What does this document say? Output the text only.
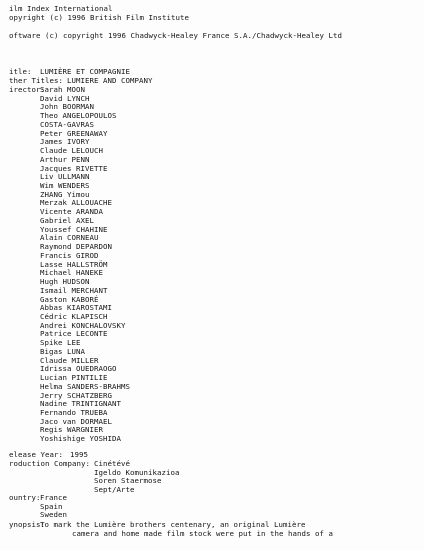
ilm Index International
opyright (c) 1996 British Film Institute
oftware (c) copyright 1996 Chadwyck-Healey France S.A./Chadwyck-Healey Ltd
itle: LUMIÈRE ET COMPAGNIE
ther Titles: LUMIERE AND COMPANY
irector:
Sarah MOON
David LYNCH
John BOORMAN
Theo ANGELOPOULOS
COSTA-GAVRAS
Peter GREENAWAY
James IVORY
Claude LELOUCH
Arthur PENN
Jacques RIVETTE
Liv ULLMANN
Wim WENDERS
ZHANG Yimou
Merzak ALLOUACHE
Vicente ARANDA
Gabriel AXEL
Youssef CHAHINE
Alain CORNEAU
Raymond DEPARDON
Francis GIROD
Lasse HALLSTRÖM
Michael HANEKE
Hugh HUDSON
Ismail MERCHANT
Gaston KABORÉ
Abbas KIAROSTAMI
Cédric KLAPISCH
Andrei KONCHALOVSKY
Patrice LECONTE
Spike LEE
Bigas LUNA
Claude MILLER
Idrissa OUEDRAOGO
Lucian PINTILIE
Helma SANDERS-BRAHMS
Jerry SCHATZBERG
Nadine TRINTIGNANT
Fernando TRUEBA
Jaco van DORMAEL
Regis WARGNIER
Yoshishige YOSHIDA
elease Year: 1995
roduction Company: Cinétévé
Igeldo Komunikazioa
Soren Staermose
Sept/Arte
ountry: France
Spain
Sweden
ynopsis:
To mark the Lumière brothers centenary, an original Lumière
camera and home made film stock were put in the hands of a
